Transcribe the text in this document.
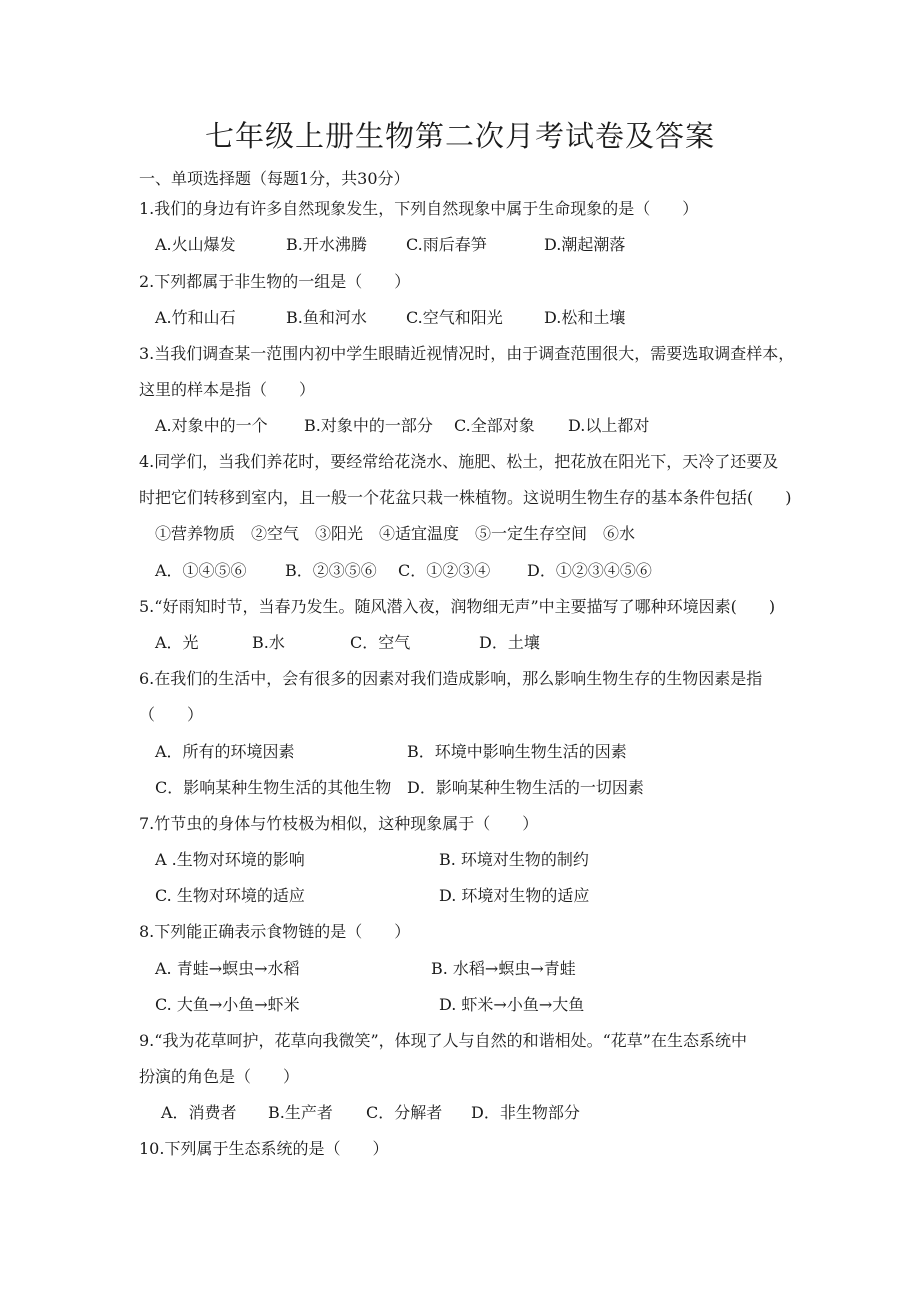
七年级上册生物第二次月考试卷及答案
一、单项选择题（每题1分，共30分）
1.我们的身边有许多自然现象发生，下列自然现象中属于生命现象的是（　　）
A.火山爆发	B.开水沸腾 C.雨后春笋	D.潮起潮落
2.下列都属于非生物的一组是（　　）
A.竹和山石	B.鱼和河水 C.空气和阳光	D.松和土壤
3.当我们调查某一范围内初中学生眼睛近视情况时，由于调查范围很大，需要选取调查样本，
这里的样本是指（　　）
A.对象中的一个 B.对象中的一部分 C.全部对象 D.以上都对
4.同学们，当我们养花时，要经常给花浇水、施肥、松土，把花放在阳光下，天冷了还要及
时把它们转移到室内，且一般一个花盆只栽一株植物。这说明生物生存的基本条件包括(　　)
①营养物质　②空气　③阳光　④适宜温度　⑤一定生存空间　⑥水
A．①④⑤⑥ B．②③⑤⑥ C．①②③④ D．①②③④⑤⑥
5.“好雨知时节，当春乃发生。随风潜入夜，润物细无声”中主要描写了哪种环境因素(　　)
A．光	B.水	C．空气	D．土壤
6.在我们的生活中，会有很多的因素对我们造成影响，那么影响生物生存的生物因素是指
（　　）
A．所有的环境因素	B．环境中影响生物生活的因素
C．影响某种生物生活的其他生物 D．影响某种生物生活的一切因素
7.竹节虫的身体与竹枝极为相似，这种现象属于（　　）
A .生物对环境的影响	B. 环境对生物的制约
C. 生物对环境的适应	D. 环境对生物的适应
8.下列能正确表示食物链的是（　　）
A. 青蛙→螟虫→水稻	B. 水稻→螟虫→青蛙
C. 大鱼→小鱼→虾米	D. 虾米→小鱼→大鱼
9.“我为花草呵护，花草向我微笑”，体现了人与自然的和谐相处。“花草”在生态系统中
扮演的角色是（　　）
A．消费者 B.生产者 C．分解者 D．非生物部分
10.下列属于生态系统的是（　　）
